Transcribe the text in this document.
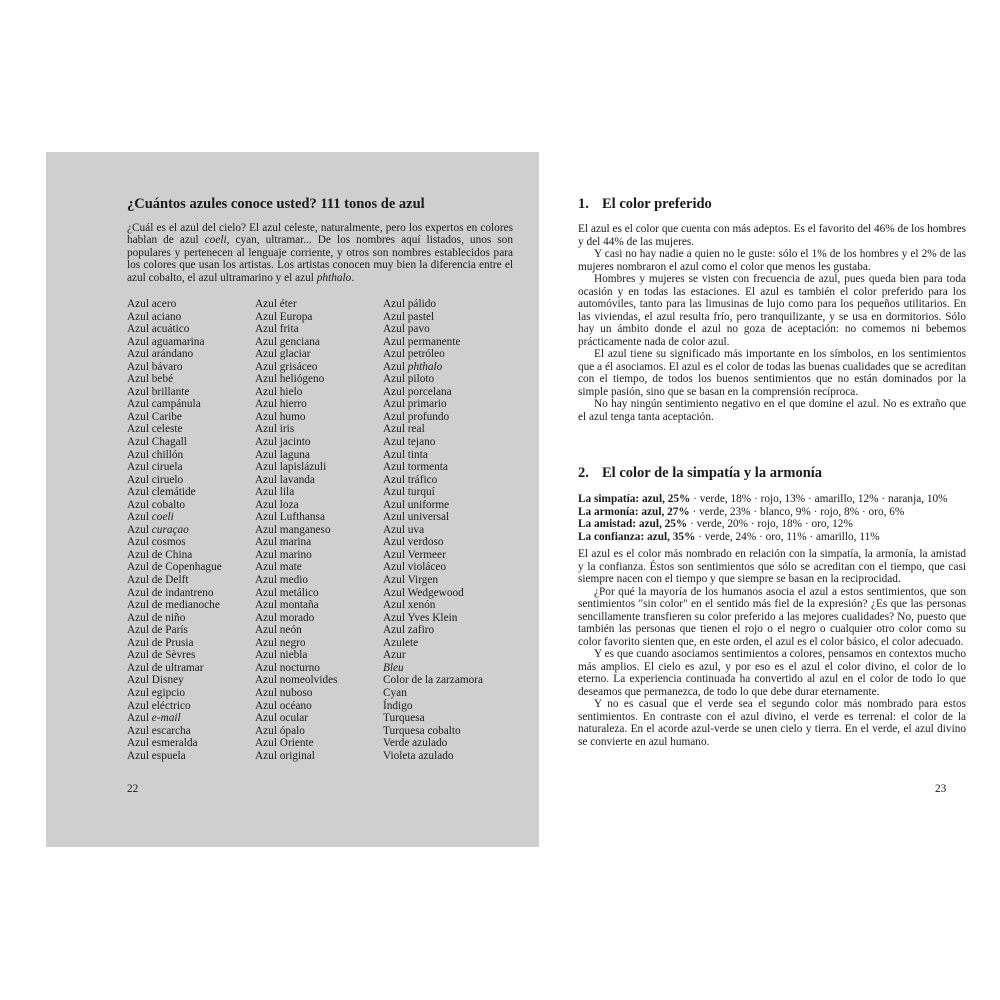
¿Cuántos azules conoce usted? 111 tonos de azul

¿Cuál es el azul del cielo? El azul celeste, naturalmente, pero los expertos en colores hablan de azul coeli, cyan, ultramar... De los nombres aquí listados, unos son populares y pertenecen al lenguaje corriente, y otros son nombres establecidos para los colores que usan los artistas. Los artistas conocen muy bien la diferencia entre el azul cobalto, el azul ultramarino y el azul phthalo.

Azul acero
Azul aciano
Azul acuático
Azul aguamarina
Azul arándano
Azul bávaro
Azul bebé
Azul brillante
Azul campánula
Azul Caribe
Azul celeste
Azul Chagall
Azul chillón
Azul ciruela
Azul ciruelo
Azul clemátide
Azul cobalto
Azul coeli
Azul curaçao
Azul cosmos
Azul de China
Azul de Copenhague
Azul de Delft
Azul de indantreno
Azul de medianoche
Azul de niño
Azul de París
Azul de Prusia
Azul de Sèvres
Azul de ultramar
Azul Disney
Azul egipcio
Azul eléctrico
Azul e-mail
Azul escarcha
Azul esmeralda
Azul espuela
Azul éter
Azul Europa
Azul frita
Azul genciana
Azul glaciar
Azul grisáceo
Azul heliógeno
Azul hielo
Azul hierro
Azul humo
Azul iris
Azul jacinto
Azul laguna
Azul lapislázuli
Azul lavanda
Azul lila
Azul loza
Azul Lufthansa
Azul manganeso
Azul marina
Azul marino
Azul mate
Azul medio
Azul metálico
Azul montaña
Azul morado
Azul neón
Azul negro
Azul niebla
Azul nocturno
Azul nomeolvides
Azul nuboso
Azul océano
Azul ocular
Azul ópalo
Azul Oriente
Azul original
Azul pálido
Azul pastel
Azul pavo
Azul permanente
Azul petróleo
Azul phthalo
Azul piloto
Azul porcelana
Azul primario
Azul profundo
Azul real
Azul tejano
Azul tinta
Azul tormenta
Azul tráfico
Azul turquí
Azul uniforme
Azul universal
Azul uva
Azul verdoso
Azul Vermeer
Azul violáceo
Azul Virgen
Azul Wedgewood
Azul xenón
Azul Yves Klein
Azul zafiro
Azulete
Azur
Bleu
Color de la zarzamora
Cyan
Índigo
Turquesa
Turquesa cobalto
Verde azulado
Violeta azulado
22
1. El color preferido

El azul es el color que cuenta con más adeptos. Es el favorito del 46% de los hombres y del 44% de las mujeres.

Y casi no hay nadie a quien no le guste: sólo el 1% de los hombres y el 2% de las mujeres nombraron el azul como el color que menos les gustaba.

Hombres y mujeres se visten con frecuencia de azul, pues queda bien para toda ocasión y en todas las estaciones. El azul es también el color preferido para los automóviles, tanto para las limusinas de lujo como para los pequeños utilitarios. En las viviendas, el azul resulta frío, pero tranquilizante, y se usa en dormitorios. Sólo hay un ámbito donde el azul no goza de aceptación: no comemos ni bebemos prácticamente nada de color azul.

El azul tiene su significado más importante en los símbolos, en los sentimientos que a él asociamos. El azul es el color de todas las buenas cualidades que se acreditan con el tiempo, de todos los buenos sentimientos que no están dominados por la simple pasión, sino que se basan en la comprensión recíproca.

No hay ningún sentimiento negativo en el que domine el azul. No es extraño que el azul tenga tanta aceptación.

2. El color de la simpatía y la armonía
La simpatía: azul, 25% · verde, 18% · rojo, 13% · amarillo, 12% · naranja, 10%
La armonía: azul, 27% · verde, 23% · blanco, 9% · rojo, 8% · oro, 6%
La amistad: azul, 25% · verde, 20% · rojo, 18% · oro, 12%
La confianza: azul, 35% · verde, 24% · oro, 11% · amarillo, 11%

El azul es el color más nombrado en relación con la simpatía, la armonía, la amistad y la confianza. Éstos son sentimientos que sólo se acreditan con el tiempo, que casi siempre nacen con el tiempo y que siempre se basan en la reciprocidad.

¿Por qué la mayoría de los humanos asocia el azul a estos sentimientos, que son sentimientos "sin color" en el sentido más fiel de la expresión? ¿Es que las personas sencillamente transfieren su color preferido a las mejores cualidades? No, puesto que también las personas que tienen el rojo o el negro o cualquier otro color como su color favorito sienten que, en este orden, el azul es el color básico, el color adecuado.

Y es que cuando asociamos sentimientos a colores, pensamos en contextos mucho más amplios. El cielo es azul, y por eso es el azul el color divino, el color de lo eterno. La experiencia continuada ha convertido al azul en el color de todo lo que deseamos que permanezca, de todo lo que debe durar eternamente.

Y no es casual que el verde sea el segundo color más nombrado para estos sentimientos. En contraste con el azul divino, el verde es terrenal: el color de la naturaleza. En el acorde azul-verde se unen cielo y tierra. En el verde, el azul divino se convierte en azul humano.

23
